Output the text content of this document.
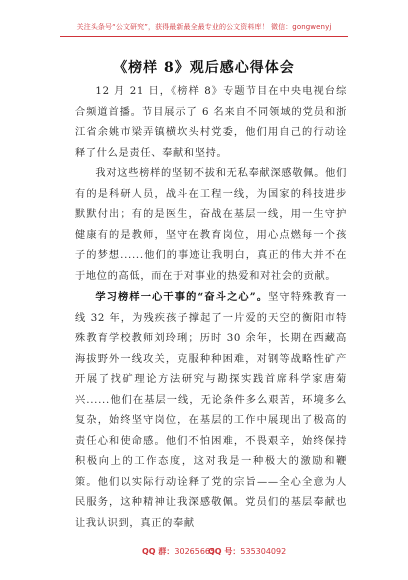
关注头条号“公文研究”，获得最新最全最专业的公文资料库！ 微信：gongwenyj
《榜样 8》观后感心得体会

12 月 21 日，《榜样 8》专题节目在中央电视台综合频道首播。节目展示了 6 名来自不同领域的党员和浙江省余姚市梁弄镇横坎头村党委，他们用自己的行动诠释了什么是责任、奉献和坚持。

我对这些榜样的坚韧不拔和无私奉献深感敬佩。他们有的是科研人员，战斗在工程一线，为国家的科技进步默默付出；有的是医生，奋战在基层一线，用一生守护健康有的是教师，坚守在教育岗位，用心点燃每一个孩子的梦想......他们的事迹让我明白，真正的伟大并不在于地位的高低，而在于对事业的热爱和对社会的贡献。

学习榜样一心干事的“奋斗之心”。坚守特殊教育一线 32 年，为残疾孩子撑起了一片爱的天空的衡阳市特殊教育学校教师刘玲琍；历时 30 余年，长期在西藏高海拔野外一线攻关，克服种种困难，对钢等战略性矿产开展了找矿理论方法研究与勘探实践首席科学家唐菊兴......他们在基层一线，无论条件多么艰苦，环境多么复杂，始终坚守岗位，在基层的工作中展现出了极高的责任心和使命感。他们不怕困难，不畏艰辛，始终保持积极向上的工作态度，这对我是一种极大的激励和鞭策。他们以实际行动诠释了党的宗旨——全心全意为人民服务，这种精神让我深感敬佩。党员们的基层奉献也让我认识到，真正的奉献

QQ 群：30265665
QQ 号：535304092
